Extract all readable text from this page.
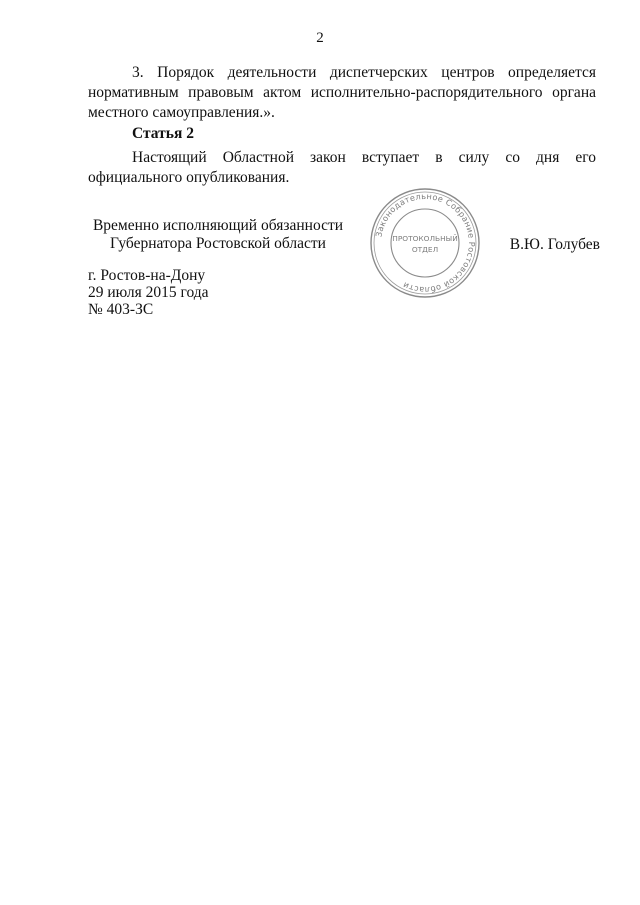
2
3. Порядок деятельности диспетчерских центров определяется нормативным правовым актом исполнительно-распорядительного органа местного самоуправления.».
Статья 2
Настоящий Областной закон вступает в силу со дня его официального опубликования.
Временно исполняющий обязанности
Губернатора Ростовской области
Законодательное Собрание Ростовской области
ПРОТОКОЛЬНЫЙ
ОТДЕЛ	В.Ю. Голубев
г. Ростов-на-Дону
29 июля 2015 года
№ 403-ЗС
